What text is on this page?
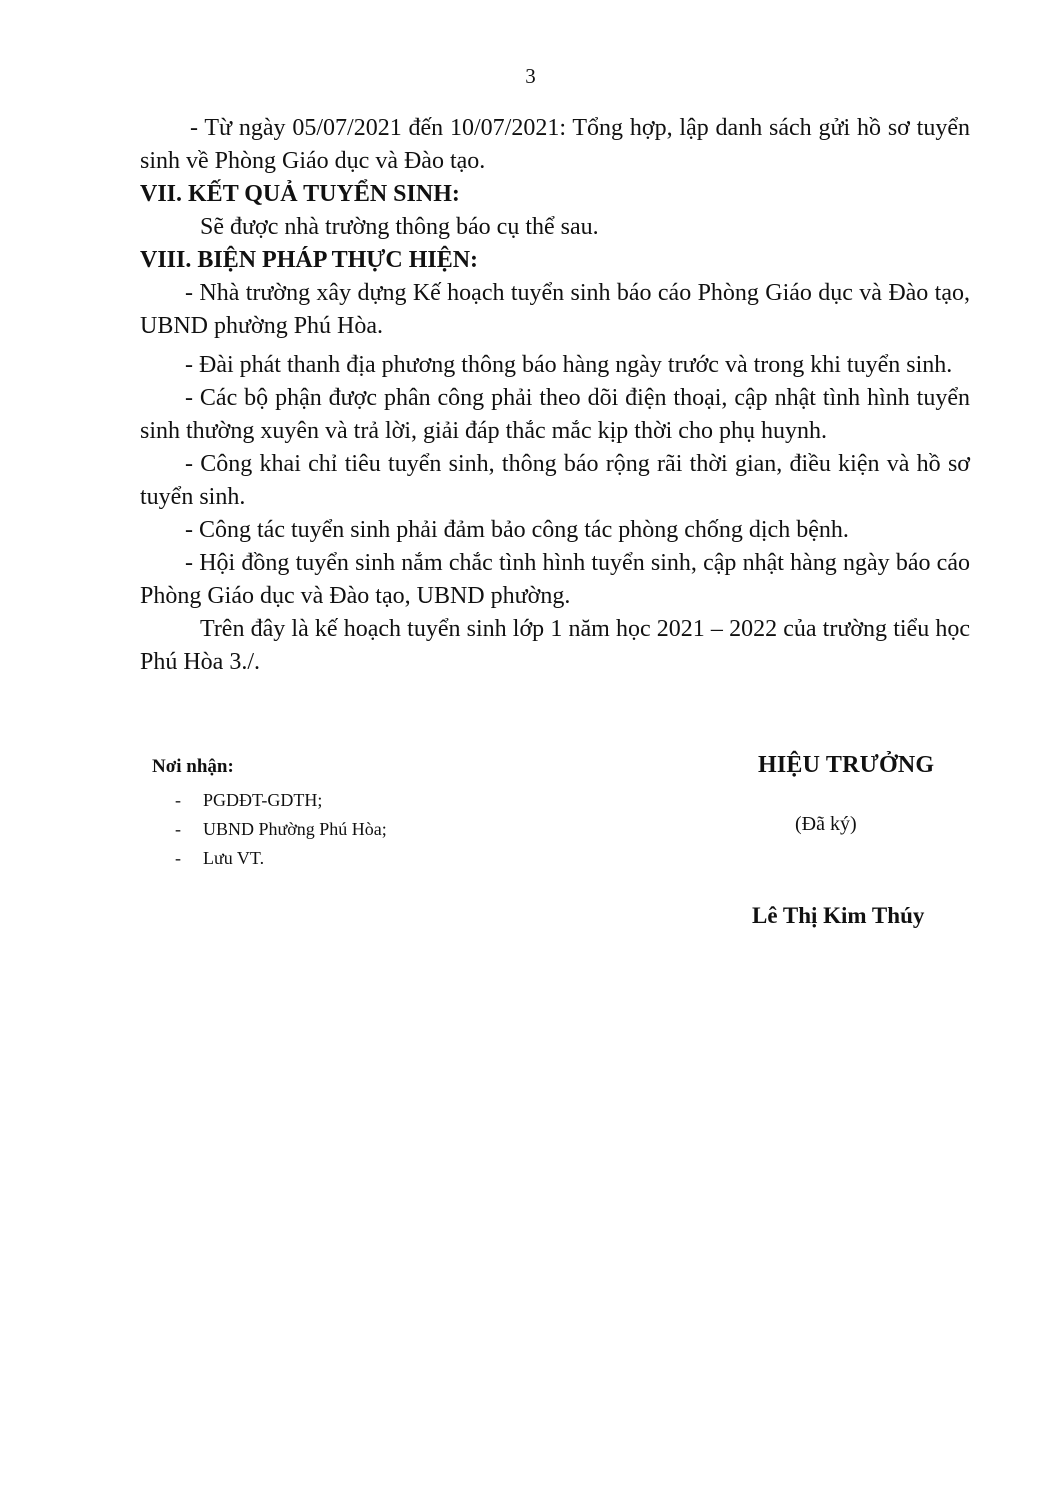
3

- Từ ngày 05/07/2021 đến 10/07/2021: Tổng hợp, lập danh sách gửi hồ sơ tuyển sinh về Phòng Giáo dục và Đào tạo.

VII. KẾT QUẢ TUYỂN SINH:

Sẽ được nhà trường thông báo cụ thể sau.

VIII. BIỆN PHÁP THỰC HIỆN:

- Nhà trường xây dựng Kế hoạch tuyển sinh báo cáo Phòng Giáo dục và Đào tạo, UBND phường Phú Hòa.

- Đài phát thanh địa phương thông báo hàng ngày trước và trong khi tuyển sinh.

- Các bộ phận được phân công phải theo dõi điện thoại, cập nhật tình hình tuyển sinh thường xuyên và trả lời, giải đáp thắc mắc kịp thời cho phụ huynh.

- Công khai chỉ tiêu tuyển sinh, thông báo rộng rãi thời gian, điều kiện và hồ sơ tuyển sinh.

- Công tác tuyển sinh phải đảm bảo công tác phòng chống dịch bệnh.

- Hội đồng tuyển sinh nắm chắc tình hình tuyển sinh, cập nhật hàng ngày báo cáo Phòng Giáo dục và Đào tạo, UBND phường.

Trên đây là kế hoạch tuyển sinh lớp 1 năm học 2021 – 2022 của trường tiểu học Phú Hòa 3./.

Nơi nhận:
- PGDĐT-GDTH;
- UBND Phường Phú Hòa;
- Lưu VT.
HIỆU TRƯỞNG
(Đã ký)
Lê Thị Kim Thúy
